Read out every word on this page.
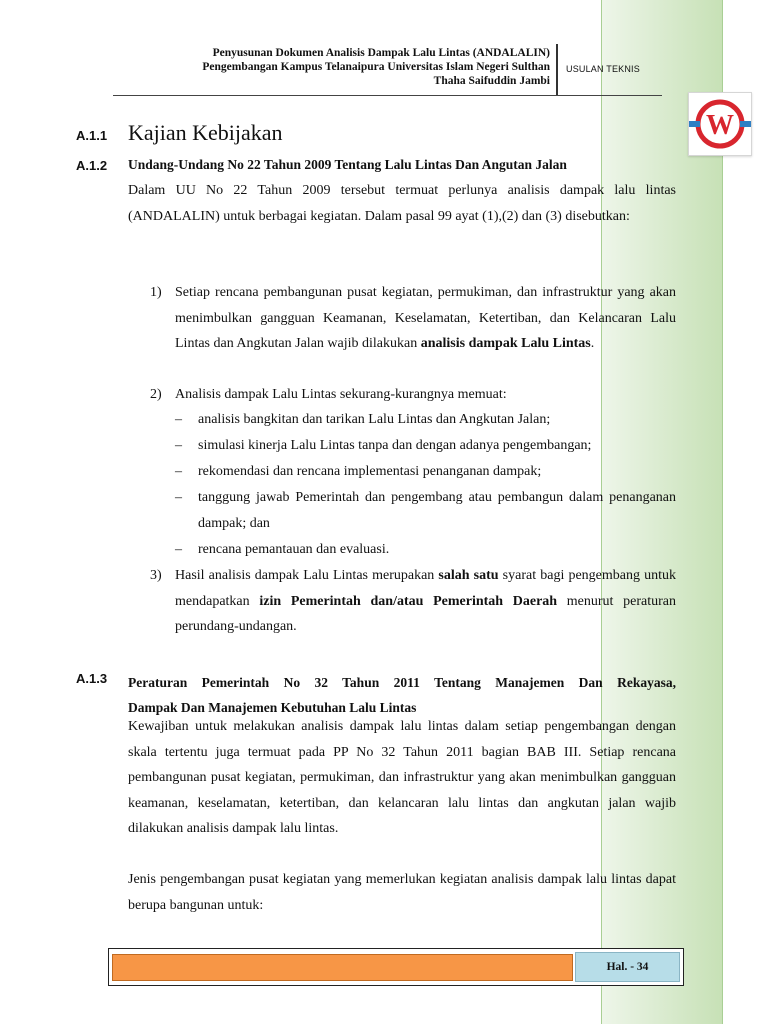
Penyusunan Dokumen Analisis Dampak Lalu Lintas (ANDALALIN)
Pengembangan Kampus Telanaipura Universitas Islam Negeri Sulthan
Thaha Saifuddin Jambi
USULAN TEKNIS
W
A.1.1 Kajian Kebijakan
A.1.2 Undang-Undang No 22 Tahun 2009 Tentang Lalu Lintas Dan Angutan Jalan

Dalam UU No 22 Tahun 2009 tersebut termuat perlunya analisis dampak lalu lintas (ANDALALIN) untuk berbagai kegiatan. Dalam pasal 99 ayat (1),(2) dan (3) disebutkan:

1) Setiap rencana pembangunan pusat kegiatan, permukiman, dan infrastruktur yang akan menimbulkan gangguan Keamanan, Keselamatan, Ketertiban, dan Kelancaran Lalu Lintas dan Angkutan Jalan wajib dilakukan analisis dampak Lalu Lintas.

2) Analisis dampak Lalu Lintas sekurang-kurangnya memuat:

– analisis bangkitan dan tarikan Lalu Lintas dan Angkutan Jalan;

– simulasi kinerja Lalu Lintas tanpa dan dengan adanya pengembangan;

– rekomendasi dan rencana implementasi penanganan dampak;

– tanggung jawab Pemerintah dan pengembang atau pembangun dalam penanganan dampak; dan

– rencana pemantauan dan evaluasi.

3) Hasil analisis dampak Lalu Lintas merupakan salah satu syarat bagi pengembang untuk mendapatkan izin Pemerintah dan/atau Pemerintah Daerah menurut peraturan perundang-undangan.

A.1.3 Peraturan Pemerintah No 32 Tahun 2011 Tentang Manajemen Dan Rekayasa,
Dampak Dan Manajemen Kebutuhan Lalu Lintas

Kewajiban untuk melakukan analisis dampak lalu lintas dalam setiap pengembangan dengan skala tertentu juga termuat pada PP No 32 Tahun 2011 bagian BAB III. Setiap rencana pembangunan pusat kegiatan, permukiman, dan infrastruktur yang akan menimbulkan gangguan keamanan, keselamatan, ketertiban, dan kelancaran lalu lintas dan angkutan jalan wajib dilakukan analisis dampak lalu lintas.

Jenis pengembangan pusat kegiatan yang memerlukan kegiatan analisis dampak lalu lintas dapat berupa bangunan untuk:

Hal. - 34
